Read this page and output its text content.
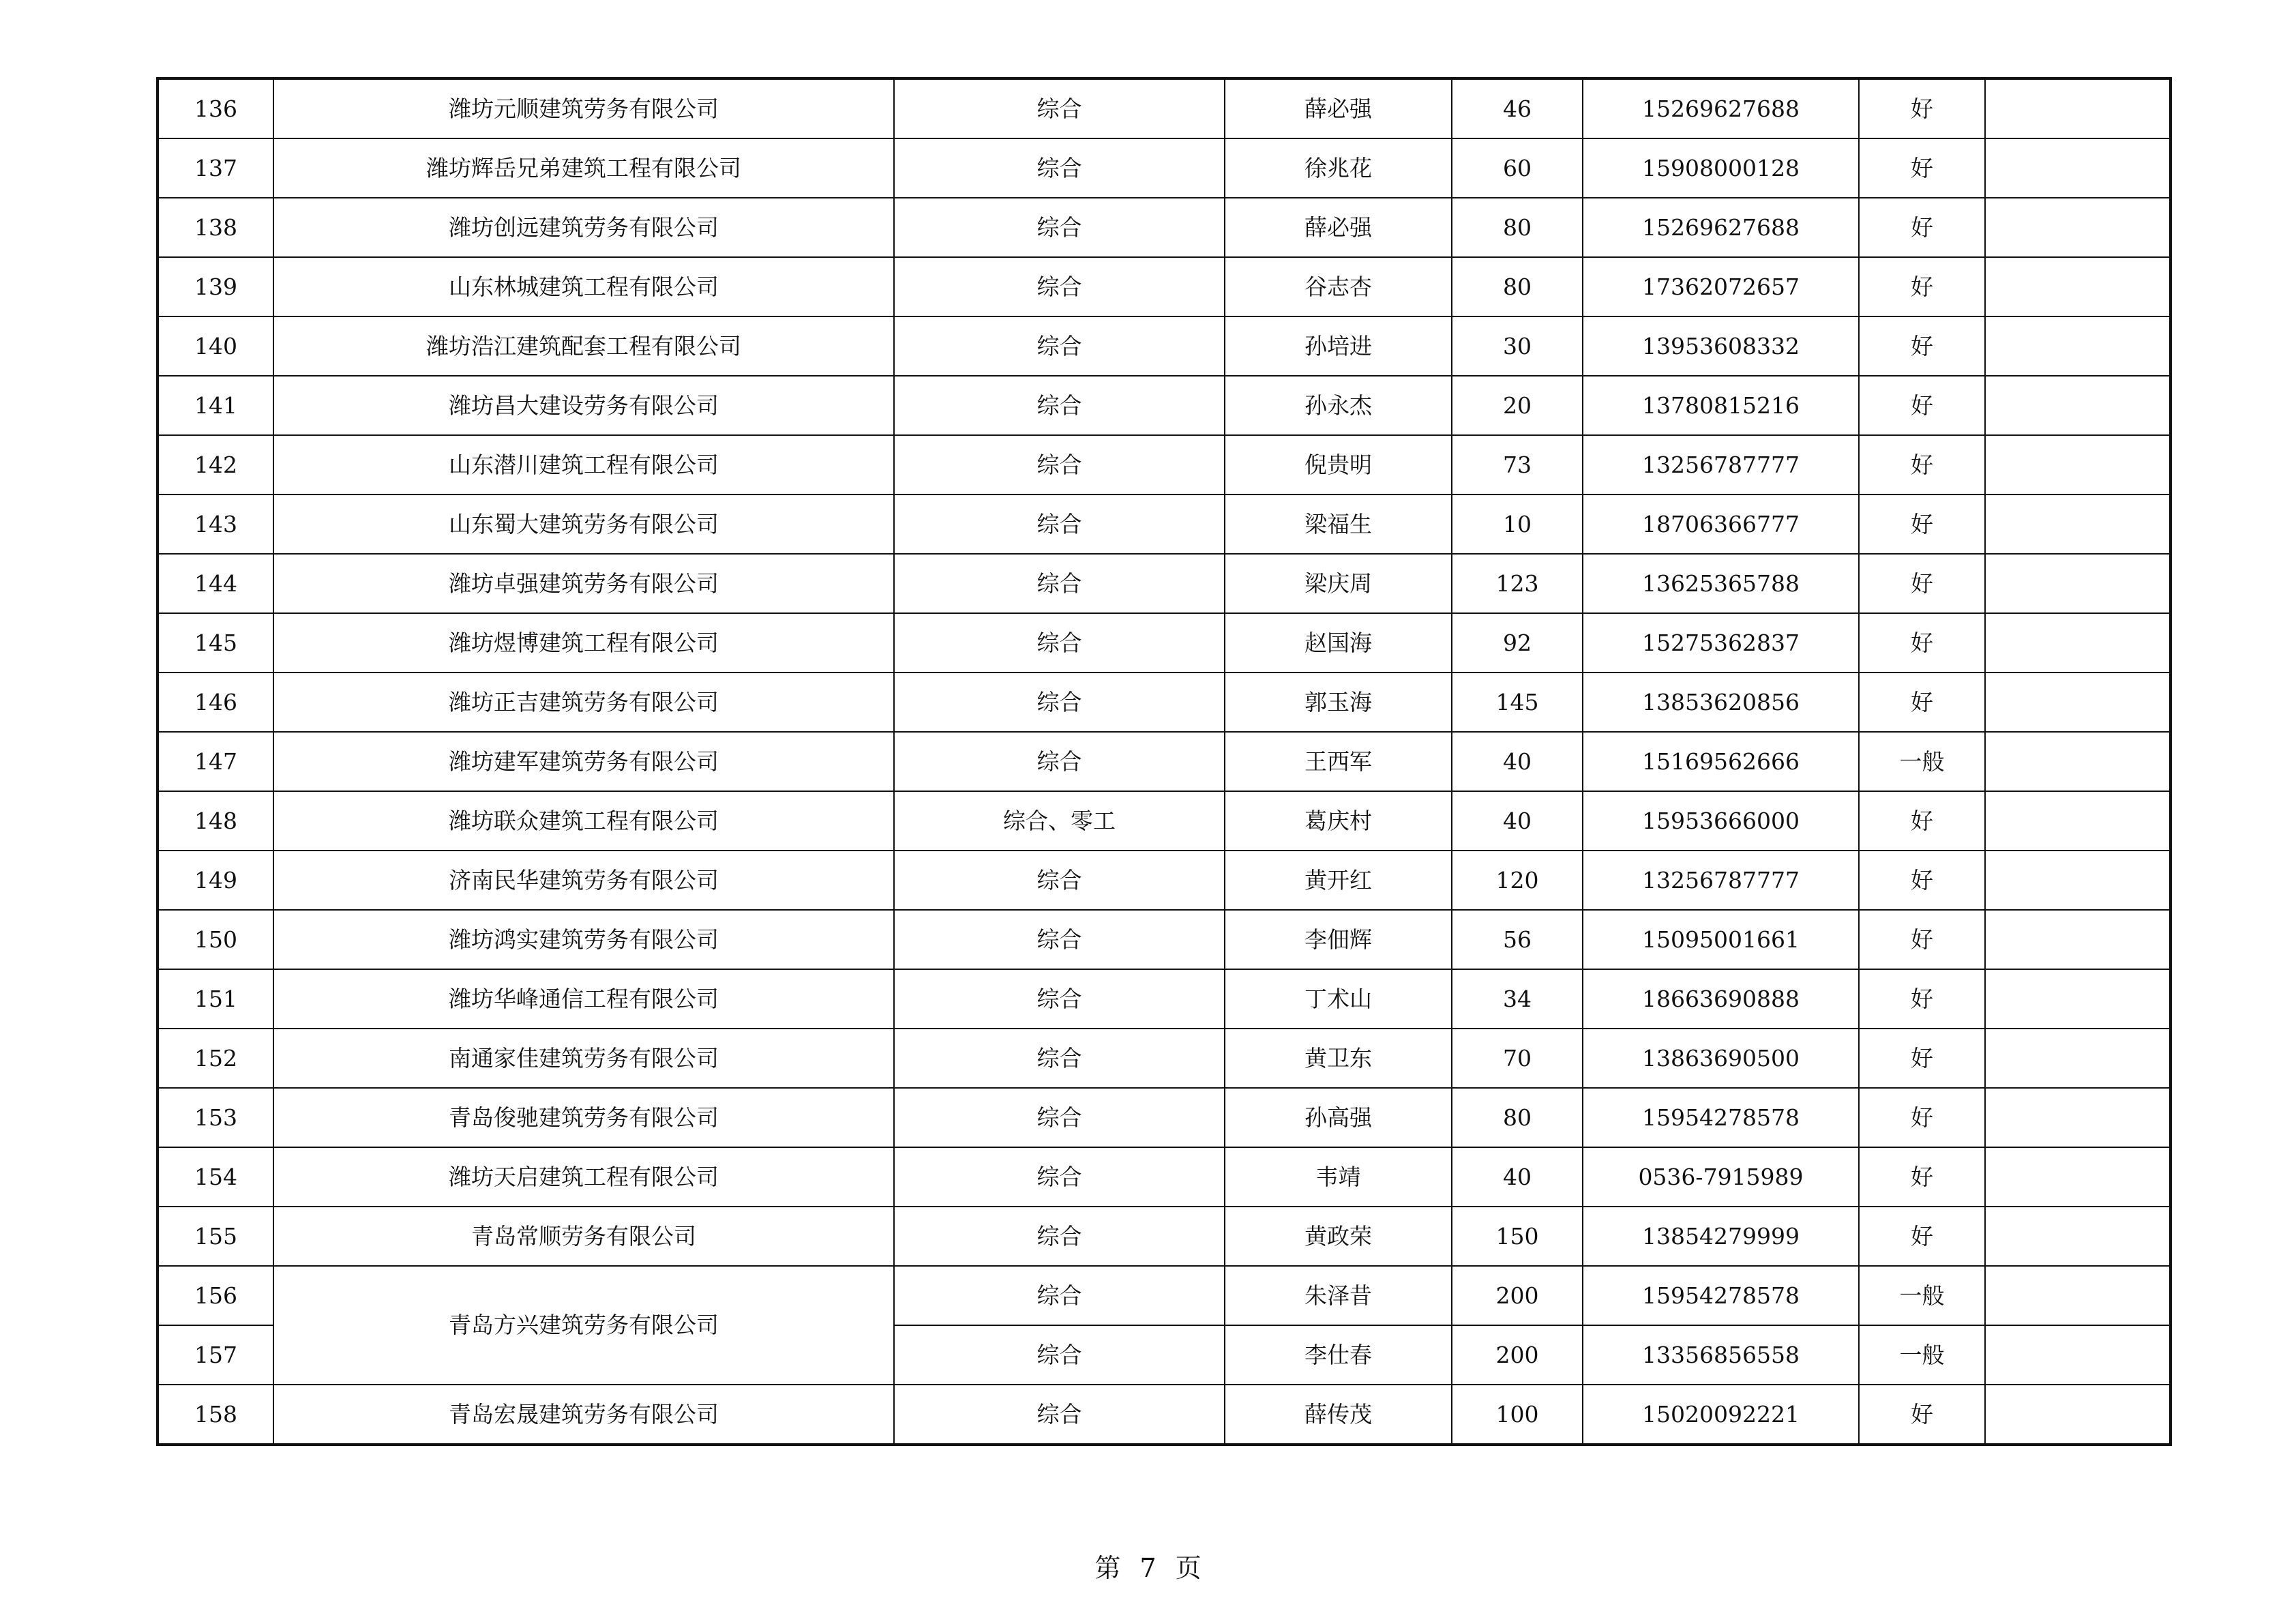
136	潍坊元顺建筑劳务有限公司	综合	薛必强	46	15269627688	好	
137	潍坊辉岳兄弟建筑工程有限公司	综合	徐兆花	60	15908000128	好	
138	潍坊创远建筑劳务有限公司	综合	薛必强	80	15269627688	好	
139	山东林城建筑工程有限公司	综合	谷志杏	80	17362072657	好	
140	潍坊浩江建筑配套工程有限公司	综合	孙培进	30	13953608332	好	
141	潍坊昌大建设劳务有限公司	综合	孙永杰	20	13780815216	好	
142	山东潜川建筑工程有限公司	综合	倪贵明	73	13256787777	好	
143	山东蜀大建筑劳务有限公司	综合	梁福生	10	18706366777	好	
144	潍坊卓强建筑劳务有限公司	综合	梁庆周	123	13625365788	好	
145	潍坊煜博建筑工程有限公司	综合	赵国海	92	15275362837	好	
146	潍坊正吉建筑劳务有限公司	综合	郭玉海	145	13853620856	好	
147	潍坊建军建筑劳务有限公司	综合	王西军	40	15169562666	一般	
148	潍坊联众建筑工程有限公司	综合、零工	葛庆村	40	15953666000	好	
149	济南民华建筑劳务有限公司	综合	黄开红	120	13256787777	好	
150	潍坊鸿实建筑劳务有限公司	综合	李佃辉	56	15095001661	好	
151	潍坊华峰通信工程有限公司	综合	丁术山	34	18663690888	好	
152	南通家佳建筑劳务有限公司	综合	黄卫东	70	13863690500	好	
153	青岛俊驰建筑劳务有限公司	综合	孙高强	80	15954278578	好	
154	潍坊天启建筑工程有限公司	综合	韦靖	40	0536-7915989	好	
155	青岛常顺劳务有限公司	综合	黄政荣	150	13854279999	好	
156	青岛方兴建筑劳务有限公司	综合	朱泽昔	200	15954278578	一般	
157		综合	李仕春	200	13356856558	一般	
158	青岛宏晟建筑劳务有限公司	综合	薛传茂	100	15020092221	好	
第 7 页
